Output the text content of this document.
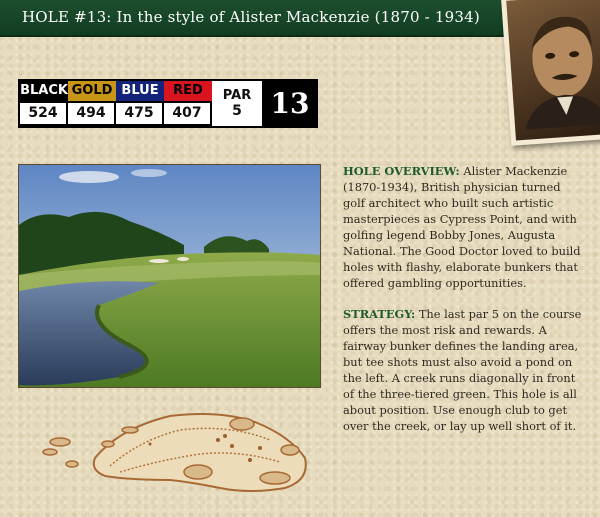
HOLE #13: In the style of Alister Mackenzie (1870 - 1934)
BLACK
524
GOLD
494
BLUE
475
RED
407
PAR
5 13

HOLE OVERVIEW: Alister Mackenzie (1870-1934), British physician turned golf architect who built such artistic masterpieces as Cypress Point, and with golfing legend Bobby Jones, Augusta National. The Good Doctor loved to build holes with flashy, elaborate bunkers that offered gambling opportunities.

STRATEGY: The last par 5 on the course offers the most risk and rewards. A fairway bunker defines the landing area, but tee shots must also avoid a pond on the left. A creek runs diagonally in front of the three-tiered green. This hole is all about position. Use enough club to get over the creek, or lay up well short of it.
